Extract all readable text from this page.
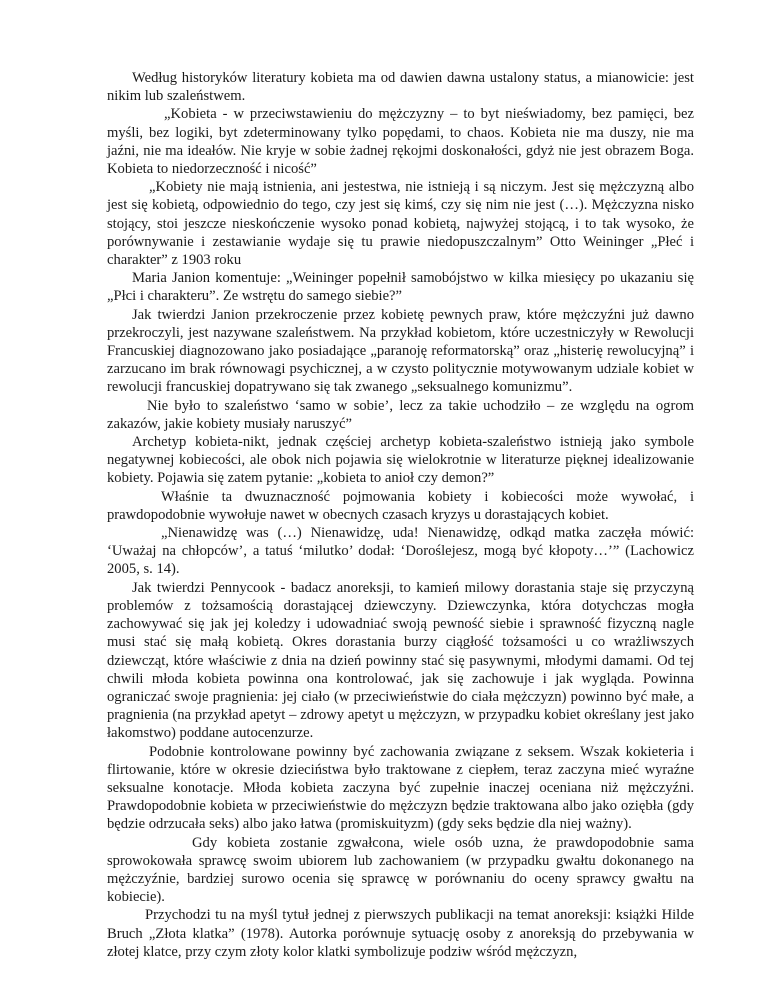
Według historyków literatury kobieta ma od dawien dawna ustalony status, a mianowicie: jest nikim lub szaleństwem.

„Kobieta - w przeciwstawieniu do mężczyzny – to byt nieświadomy, bez pamięci, bez myśli, bez logiki, byt zdeterminowany tylko popędami, to chaos. Kobieta nie ma duszy, nie ma jaźni, nie ma ideałów. Nie kryje w sobie żadnej rękojmi doskonałości, gdyż nie jest obrazem Boga. Kobieta to niedorzeczność i nicość”

„Kobiety nie mają istnienia, ani jestestwa, nie istnieją i są niczym. Jest się mężczyzną albo jest się kobietą, odpowiednio do tego, czy jest się kimś, czy się nim nie jest (…). Mężczyzna nisko stojący, stoi jeszcze nieskończenie wysoko ponad kobietą, najwyżej stojącą, i to tak wysoko, że porównywanie i zestawianie wydaje się tu prawie niedopuszczalnym” Otto Weininger „Płeć i charakter” z 1903 roku

Maria Janion komentuje: „Weininger popełnił samobójstwo w kilka miesięcy po ukazaniu się „Płci i charakteru”. Ze wstrętu do samego siebie?”

Jak twierdzi Janion przekroczenie przez kobietę pewnych praw, które mężczyźni już dawno przekroczyli, jest nazywane szaleństwem. Na przykład kobietom, które uczestniczyły w Rewolucji Francuskiej diagnozowano jako posiadające „paranoję reformatorską” oraz „histerię rewolucyjną” i zarzucano im brak równowagi psychicznej, a w czysto politycznie motywowanym udziale kobiet w rewolucji francuskiej dopatrywano się tak zwanego „seksualnego komunizmu”.

Nie było to szaleństwo ‘samo w sobie’, lecz za takie uchodziło – ze względu na ogrom zakazów, jakie kobiety musiały naruszyć”

Archetyp kobieta-nikt, jednak częściej archetyp kobieta-szaleństwo istnieją jako symbole negatywnej kobiecości, ale obok nich pojawia się wielokrotnie w literaturze pięknej idealizowanie kobiety. Pojawia się zatem pytanie: „kobieta to anioł czy demon?”

Właśnie ta dwuznaczność pojmowania kobiety i kobiecości może wywołać, i prawdopodobnie wywołuje nawet w obecnych czasach kryzys u dorastających kobiet.

„Nienawidzę was (…) Nienawidzę, uda! Nienawidzę, odkąd matka zaczęła mówić: ‘Uważaj na chłopców’, a tatuś ‘milutko’ dodał: ‘Doroślejesz, mogą być kłopoty…’” (Lachowicz 2005, s. 14).

Jak twierdzi Pennycook - badacz anoreksji, to kamień milowy dorastania staje się przyczyną problemów z tożsamością dorastającej dziewczyny. Dziewczynka, która dotychczas mogła zachowywać się jak jej koledzy i udowadniać swoją pewność siebie i sprawność fizyczną nagle musi stać się małą kobietą. Okres dorastania burzy ciągłość tożsamości u co wrażliwszych dziewcząt, które właściwie z dnia na dzień powinny stać się pasywnymi, młodymi damami. Od tej chwili młoda kobieta powinna ona kontrolować, jak się zachowuje i jak wygląda. Powinna ograniczać swoje pragnienia: jej ciało (w przeciwieństwie do ciała mężczyzn) powinno być małe, a pragnienia (na przykład apetyt – zdrowy apetyt u mężczyzn, w przypadku kobiet określany jest jako łakomstwo) poddane autocenzurze.

Podobnie kontrolowane powinny być zachowania związane z seksem. Wszak kokieteria i flirtowanie, które w okresie dzieciństwa było traktowane z ciepłem, teraz zaczyna mieć wyraźne seksualne konotacje. Młoda kobieta zaczyna być zupełnie inaczej oceniana niż mężczyźni. Prawdopodobnie kobieta w przeciwieństwie do mężczyzn będzie traktowana albo jako oziębła (gdy będzie odrzucała seks) albo jako łatwa (promiskuityzm) (gdy seks będzie dla niej ważny).

Gdy kobieta zostanie zgwałcona, wiele osób uzna, że prawdopodobnie sama sprowokowała sprawcę swoim ubiorem lub zachowaniem (w przypadku gwałtu dokonanego na mężczyźnie, bardziej surowo ocenia się sprawcę w porównaniu do oceny sprawcy gwałtu na kobiecie).

Przychodzi tu na myśl tytuł jednej z pierwszych publikacji na temat anoreksji: książki Hilde Bruch „Złota klatka” (1978). Autorka porównuje sytuację osoby z anoreksją do przebywania w złotej klatce, przy czym złoty kolor klatki symbolizuje podziw wśród mężczyzn,
